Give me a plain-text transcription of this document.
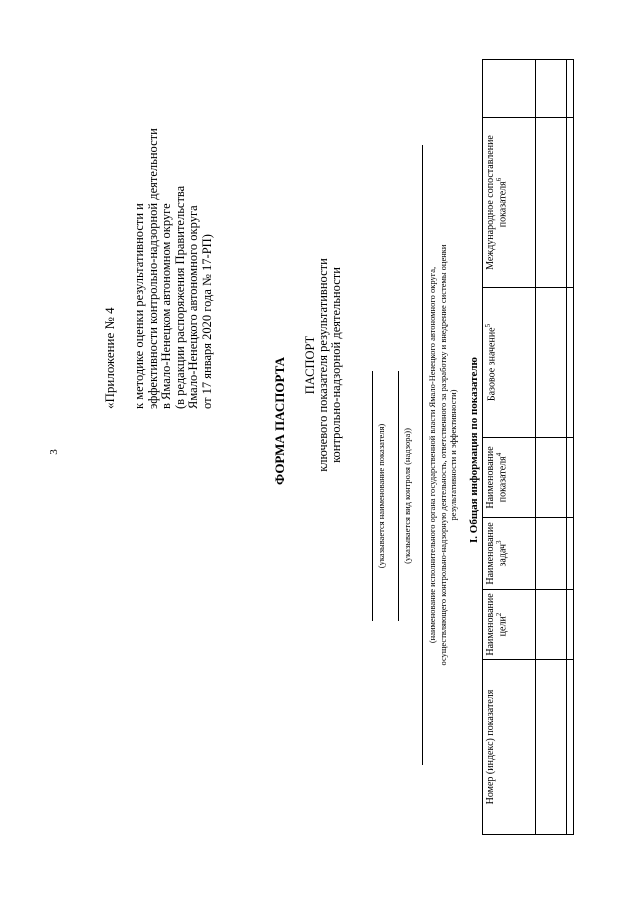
3

«Приложение № 4 к методике оценки результативности и эффективности контрольно-надзорной деятельности в Ямало-Ненецком автономном округе (в редакции распоряжения Правительства Ямало-Ненецкого автономного округа от 17 января 2020 года № 17-РП)

ФОРМА ПАСПОРТА ПАСПОРТ ключевого показателя результативности контрольно-надзорной деятельности

(указывается наименование показателя) (указывается вид контроля (надзора)) (наименование исполнительного органа государственной власти Ямало-Ненецкого автономного округа, осуществляющего контрольно-надзорную деятельность, ответственного за разработку и внедрение системы оценки результативности и эффективности) I. Общая информация по показателю
Номер (индекс) показателя	Наименование цели$^2$	Наименование задач$^3$	Наименование показателя$^4$	Базовое значение$^5$	Международное сопоставление показателя$^6$	
